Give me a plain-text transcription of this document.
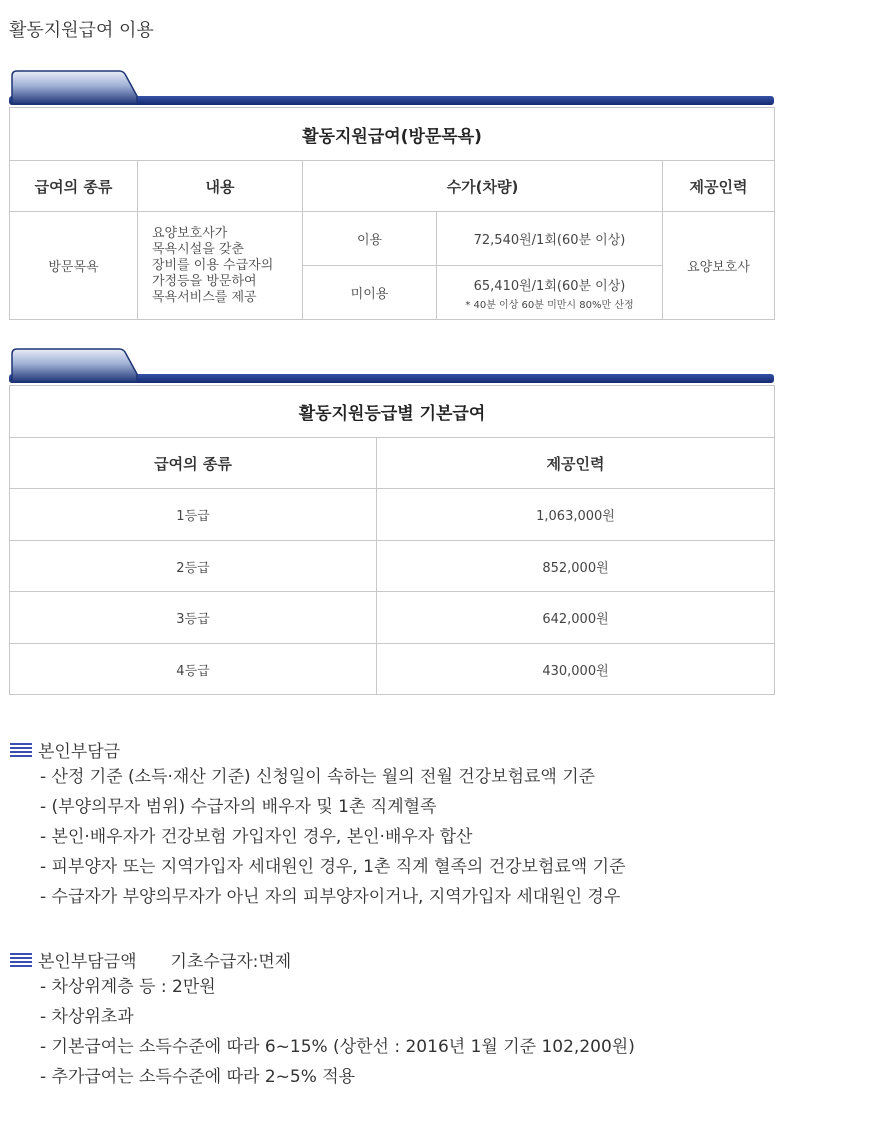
활동지원급여 이용
활동지원급여(방문목욕)				
급여의 종류	내용	수가(차량)		제공인력
방문목욕	요양보호사가
목욕시설을 갖춘
장비를 이용 수급자의
가정등을 방문하여
목욕서비스를 제공	이용	72,540원/1회(60분 이상)	요양보호사
		미이용	65,410원/1회(60분 이상)
* 40분 이상 60분 미만시 80%만 산정	
활동지원등급별 기본급여	
급여의 종류	제공인력
1등급	1,063,000원
2등급	852,000원
3등급	642,000원
4등급	430,000원
본인부담금
- 산정 기준 (소득·재산 기준) 신청일이 속하는 월의 전월 건강보험료액 기준
- (부양의무자 범위) 수급자의 배우자 및 1촌 직계혈족
- 본인·배우자가 건강보험 가입자인 경우, 본인·배우자 합산
- 피부양자 또는 지역가입자 세대원인 경우, 1촌 직계 혈족의 건강보험료액 기준
- 수급자가 부양의무자가 아닌 자의 피부양자이거나, 지역가입자 세대원인 경우
본인부담금액 기초수급자:면제
- 차상위계층 등 : 2만원
- 차상위초과
- 기본급여는 소득수준에 따라 6~15% (상한선 : 2016년 1월 기준 102,200원)
- 추가급여는 소득수준에 따라 2~5% 적용
